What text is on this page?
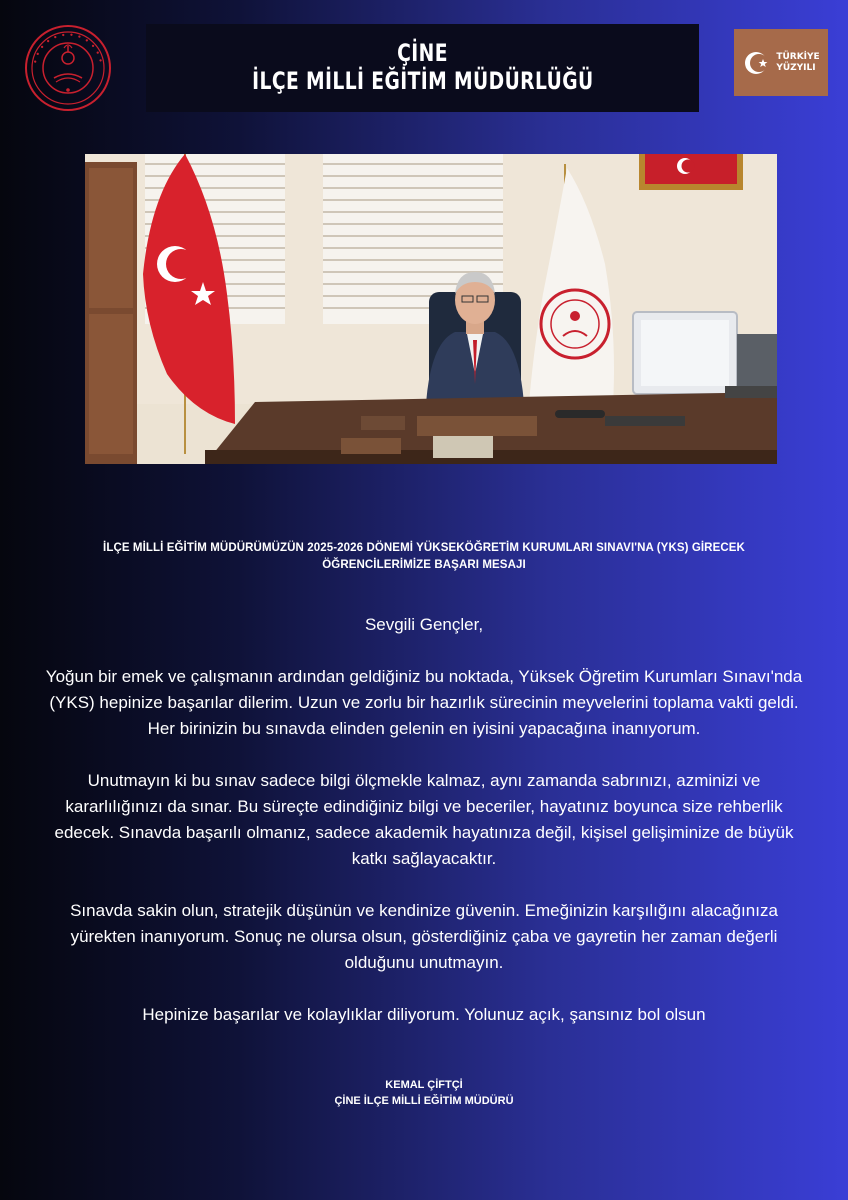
• • • • • • • • • • • •	ÇİNE
İLÇE MİLLİ EĞİTİM MÜDÜRLÜĞÜ
TÜRKİYE
YÜZYILI
İLÇE MİLLİ EĞİTİM MÜDÜRÜMÜZÜN 2025-2026 DÖNEMİ YÜKSEKÖĞRETİM KURUMLARI SINAVI'NA (YKS) GİRECEK
ÖĞRENCİLERİMİZE BAŞARI MESAJI

Sevgili Gençler,

Yoğun bir emek ve çalışmanın ardından geldiğiniz bu noktada, Yüksek Öğretim Kurumları Sınavı'nda (YKS) hepinize başarılar dilerim. Uzun ve zorlu bir hazırlık sürecinin meyvelerini toplama vakti geldi. Her birinizin bu sınavda elinden gelenin en iyisini yapacağına inanıyorum.

Unutmayın ki bu sınav sadece bilgi ölçmekle kalmaz, aynı zamanda sabrınızı, azminizi ve kararlılığınızı da sınar. Bu süreçte edindiğiniz bilgi ve beceriler, hayatınız boyunca size rehberlik edecek. Sınavda başarılı olmanız, sadece akademik hayatınıza değil, kişisel gelişiminize de büyük katkı sağlayacaktır.

Sınavda sakin olun, stratejik düşünün ve kendinize güvenin. Emeğinizin karşılığını alacağınıza yürekten inanıyorum. Sonuç ne olursa olsun, gösterdiğiniz çaba ve gayretin her zaman değerli olduğunu unutmayın.

Hepinize başarılar ve kolaylıklar diliyorum. Yolunuz açık, şansınız bol olsun

KEMAL ÇİFTÇİ
ÇİNE İLÇE MİLLİ EĞİTİM MÜDÜRÜ
